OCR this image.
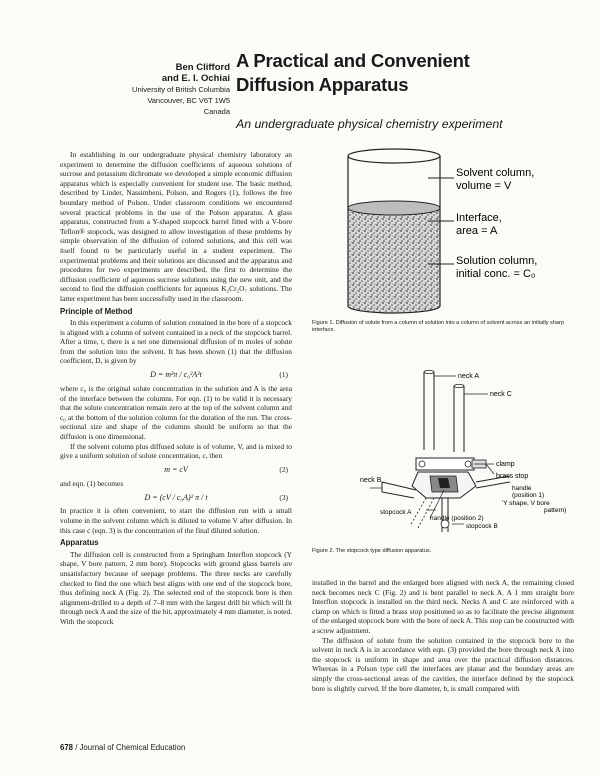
Ben Clifford
and E. I. Ochiai
University of British Columbia
Vancouver, BC V6T 1W5
Canada
A Practical and Convenient
Diffusion Apparatus
An undergraduate physical chemistry experiment

In establishing in our undergraduate physical chemistry laboratory an experiment to determine the diffusion coefficients of aqueous solutions of sucrose and potassium dichromate we developed a simple economic diffusion apparatus which is especially convenient for student use. The basic method, described by Linder, Nassimbeni, Polson, and Rogers (1), follows the free boundary method of Polson. Under classroom conditions we encountered several practical problems in the use of the Polson apparatus. A glass apparatus, constructed from a Y-shaped stopcock barrel fitted with a V-bore Teflon® stopcock, was designed to allow investigation of these problems by simple observation of the diffusion of colored solutions, and this cell was itself found to be particularly useful in a student experiment. The experimental problems and their solutions are discussed and the apparatus and procedures for two experiments are described, the first to determine the diffusion coefficient of aqueous sucrose solutions using the new unit, and the second to find the diffusion coefficients for aqueous K₂Cr₂O₇ solutions. The latter experiment has been successfully used in the classroom.

Principle of Method

In this experiment a column of solution contained in the bore of a stopcock is aligned with a column of solvent contained in a neck of the stopcock barrel. After a time, t, there is a net one dimensional diffusion of m moles of solute from the solution into the solvent. It has been shown (1) that the diffusion coefficient, D, is given by

D = m²π / c₀²A²t	(1)

where c₀ is the original solute concentration in the solution and A is the area of the interface between the columns. For eqn. (1) to be valid it is necessary that the solute concentration remain zero at the top of the solvent column and c₀ at the bottom of the solution column for the duration of the run. The cross-sectional size and shape of the columns should be uniform so that the diffusion is one dimensional.

If the solvent column plus diffused solute is of volume, V, and is mixed to give a uniform solution of solute concentration, c, then

m = cV	(2)

and eqn. (1) becomes

D = (cV / c₀A)² π / t	(3)

In practice it is often convenient, to start the diffusion run with a small volume in the solvent column which is diluted to volume V after diffusion. In this case c (eqn. 3) is the concentration of the final diluted solution.

Apparatus

The diffusion cell is constructed from a Springham Interflon stopcock (Y shape, V bore pattern, 2 mm bore). Stopcocks with ground glass barrels are unsatisfactory because of seepage problems. The three necks are carefully checked to find the one which best aligns with one end of the stopcock bore, thus defining neck A (Fig. 2). The selected end of the stopcock bore is then alignment-drilled to a depth of 7–8 mm with the largest drill bit which will fit through neck A and the size of the bit, approximately 4 mm diameter, is noted. With the stopcock

Solvent column,
volume = V
Interface,
area = A
Solution column,
initial conc. = C₀
Figure 1. Diffusion of solute from a column of solution into a column of solvent across an initially sharp interface.
neck A
neck C
clamp
brass stop
handle
(position 1)
'Y shape, V bore
pattern)
neck B
stopcock A
handle (position 2)
stopcock B
Figure 2. The stopcock type diffusion apparatus.

installed in the barrel and the enlarged bore aligned with neck A, the remaining closed neck becomes neck C (Fig. 2) and is bent parallel to neck A. A 1 mm straight bore Interflon stopcock is installed on the third neck. Necks A and C are reinforced with a clamp on which is fitted a brass stop positioned so as to facilitate the precise alignment of the enlarged stopcock bore with the bore of neck A. This stop can be constructed with a screw adjustment.

The diffusion of solute from the solution contained in the stopcock bore to the solvent in neck A is in accordance with eqn. (3) provided the bore through neck A into the stopcock is uniform in shape and area over the practical diffusion distances. Whereas in a Polson type cell the interfaces are planar and the boundary areas are simply the cross-sectional areas of the cavities, the interface defined by the stopcock bore is slightly curved. If the bore diameter, b, is small compared with

678 / Journal of Chemical Education
